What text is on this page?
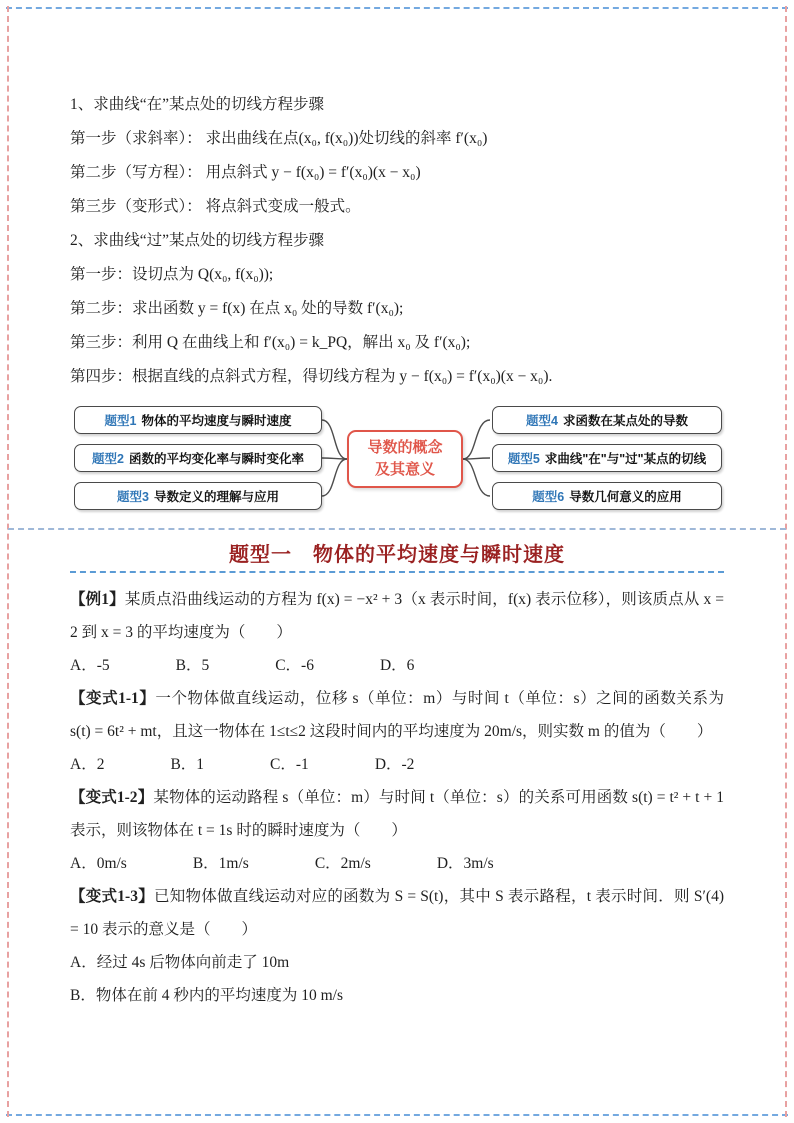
1、求曲线“在”某点处的切线方程步骤

第一步（求斜率）： 求出曲线在点(x₀, f(x₀))处切线的斜率 f′(x₀)

第二步（写方程）： 用点斜式 y − f(x₀) = f′(x₀)(x − x₀)

第三步（变形式）： 将点斜式变成一般式。

2、求曲线“过”某点处的切线方程步骤

第一步：设切点为 Q(x₀, f(x₀));

第二步：求出函数 y = f(x) 在点 x₀ 处的导数 f′(x₀);

第三步：利用 Q 在曲线上和 f′(x₀) = k_PQ，解出 x₀ 及 f′(x₀);

第四步：根据直线的点斜式方程，得切线方程为 y − f(x₀) = f′(x₀)(x − x₀).

题型1 物体的平均速度与瞬时速度
题型2 函数的平均变化率与瞬时变化率
题型3 导数定义的理解与应用
导数的概念
及其意义
题型4 求函数在某点处的导数
题型5 求曲线"在"与"过"某点的切线
题型6 导数几何意义的应用
题型一　物体的平均速度与瞬时速度

【例1】某质点沿曲线运动的方程为 f(x) = −x² + 3（x 表示时间，f(x) 表示位移），则该质点从 x = 2 到 x = 3 的平均速度为（　　）

A．-5	B．5	C．-6	D．6

【变式1-1】一个物体做直线运动，位移 s（单位：m）与时间 t（单位：s）之间的函数关系为 s(t) = 6t² + mt，且这一物体在 1≤t≤2 这段时间内的平均速度为 20m/s，则实数 m 的值为（　　）

A．2	B．1	C．-1	D．-2

【变式1-2】某物体的运动路程 s（单位：m）与时间 t（单位：s）的关系可用函数 s(t) = t² + t + 1 表示，则该物体在 t = 1s 时的瞬时速度为（　　）

A．0m/s	B．1m/s	C．2m/s	D．3m/s

【变式1-3】已知物体做直线运动对应的函数为 S = S(t)，其中 S 表示路程，t 表示时间．则 S′(4) = 10 表示的意义是（　　）

A．经过 4s 后物体向前走了 10m

B．物体在前 4 秒内的平均速度为 10 m/s
